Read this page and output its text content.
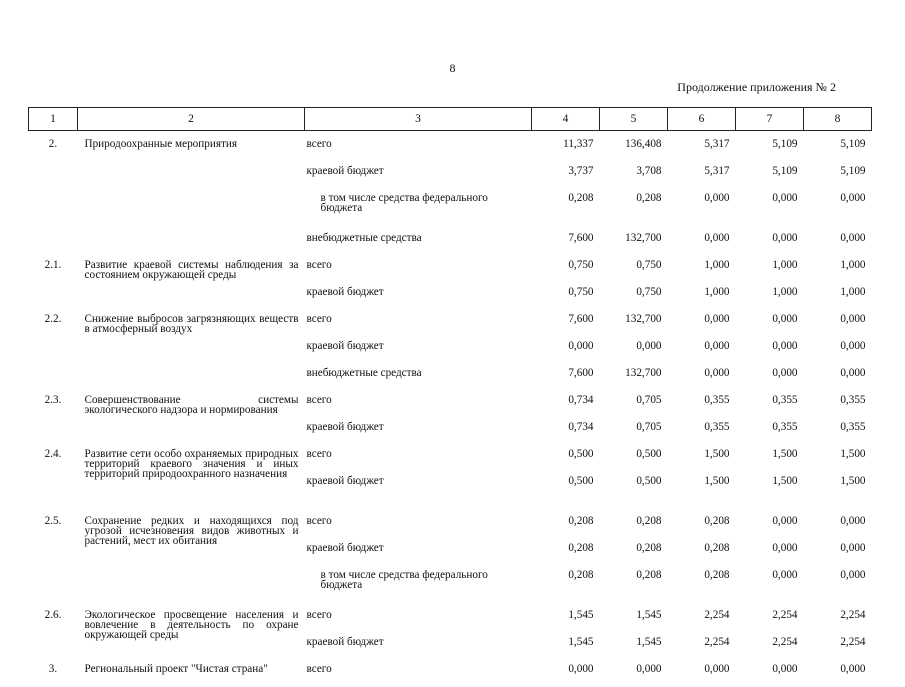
8
Продолжение приложения № 2
1	2	3	4	5	6	7	8
2.	Природоохранные мероприятия	всего	11,337	136,408	5,317	5,109	5,109
		краевой бюджет	3,737	3,708	5,317	5,109	5,109
		в том числе средства федерального бюджета	0,208	0,208	0,000	0,000	0,000
		внебюджетные средства	7,600	132,700	0,000	0,000	0,000
2.1.	Развитие краевой системы наблюдения за состоянием окружающей среды	всего	0,750	0,750	1,000	1,000	1,000
		краевой бюджет	0,750	0,750	1,000	1,000	1,000
2.2.	Снижение выбросов загрязняющих веществ в атмосферный воздух	всего	7,600	132,700	0,000	0,000	0,000
		краевой бюджет	0,000	0,000	0,000	0,000	0,000
		внебюджетные средства	7,600	132,700	0,000	0,000	0,000
2.3.	Совершенствование системы экологического надзора и нормирования	всего	0,734	0,705	0,355	0,355	0,355
		краевой бюджет	0,734	0,705	0,355	0,355	0,355
2.4.	Развитие сети особо охраняемых природных территорий краевого значения и иных территорий природоохранного назначения	всего	0,500	0,500	1,500	1,500	1,500
		краевой бюджет	0,500	0,500	1,500	1,500	1,500
2.5.	Сохранение редких и находящихся под угрозой исчезновения видов животных и растений, мест их обитания	всего	0,208	0,208	0,208	0,000	0,000
		краевой бюджет	0,208	0,208	0,208	0,000	0,000
		в том числе средства федерального бюджета	0,208	0,208	0,208	0,000	0,000
2.6.	Экологическое просвещение населения и вовлечение в деятельность по охране окружающей среды	всего	1,545	1,545	2,254	2,254	2,254
		краевой бюджет	1,545	1,545	2,254	2,254	2,254
3.	Региональный проект "Чистая страна"	всего	0,000	0,000	0,000	0,000	0,000
